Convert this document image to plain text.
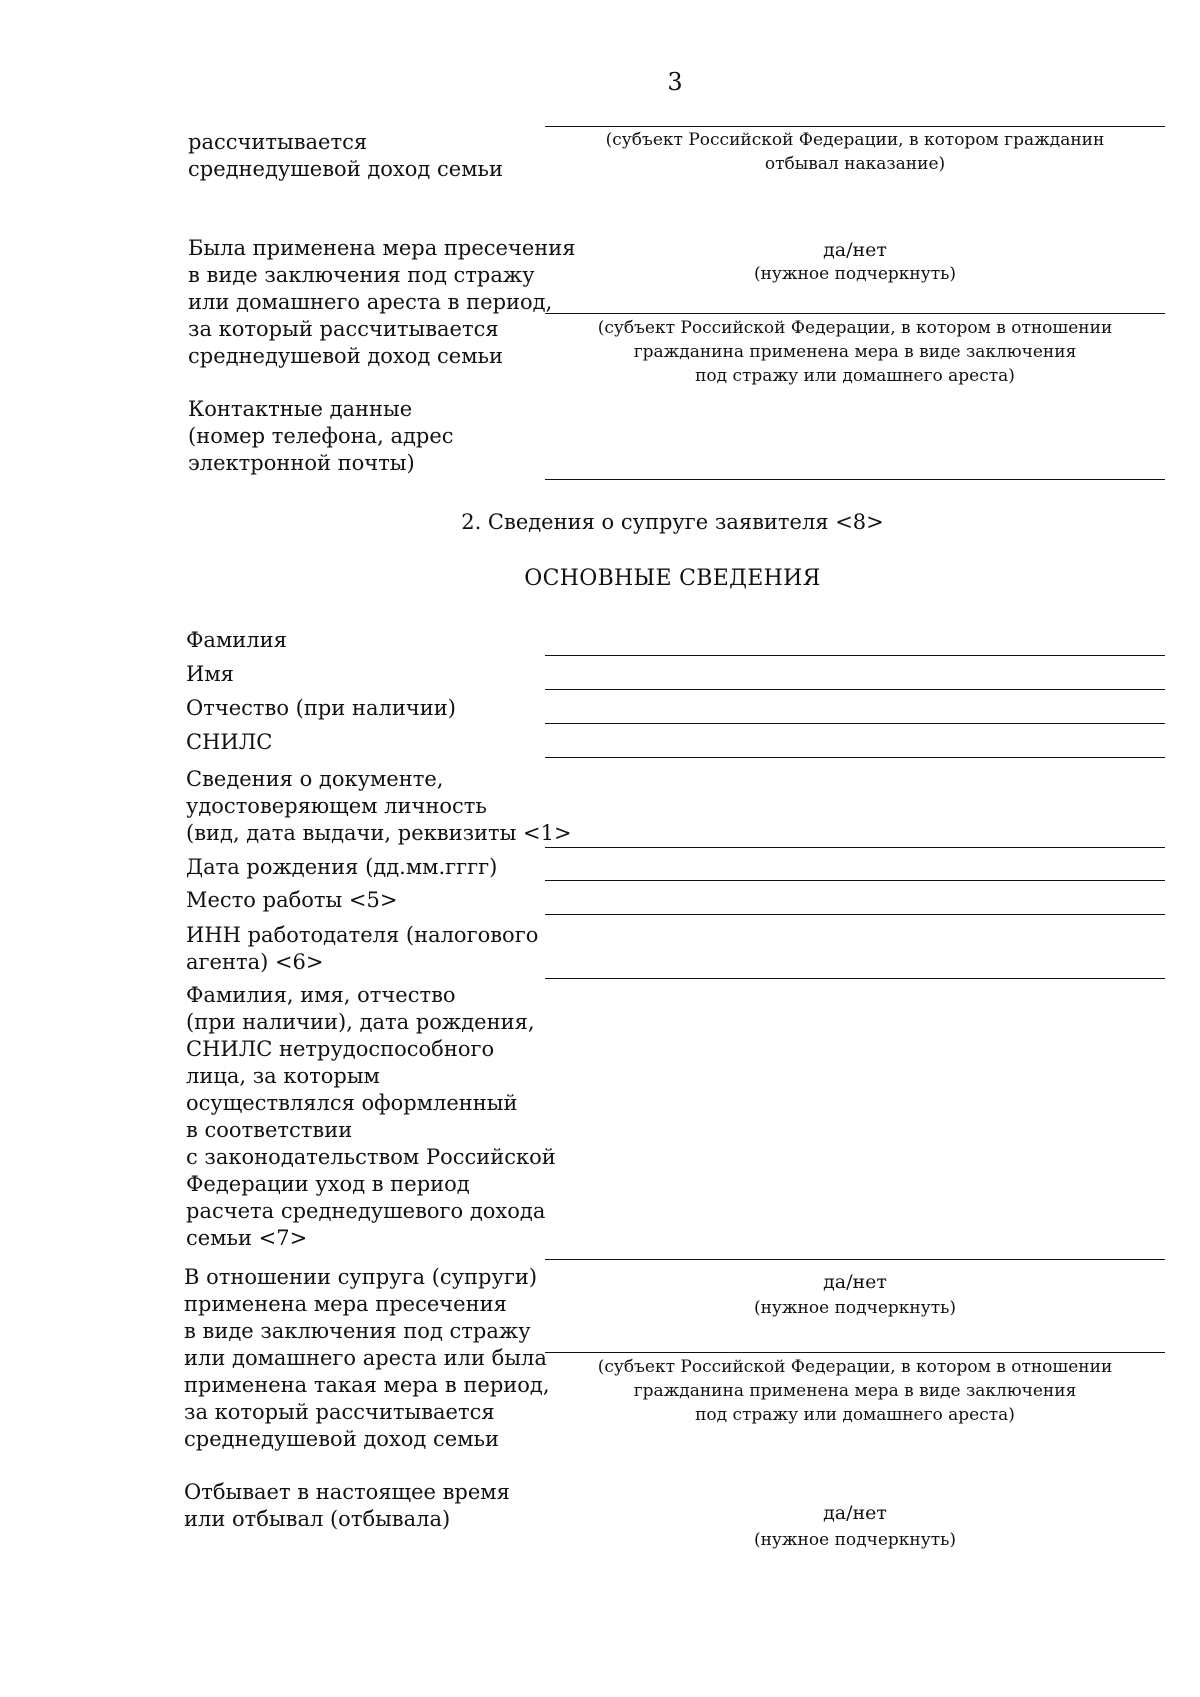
3
рассчитывается
среднедушевой доход семьи
(субъект Российской Федерации, в котором гражданин
отбывал наказание)
Была применена мера пресечения
в виде заключения под стражу
или домашнего ареста в период,
за который рассчитывается
среднедушевой доход семьи
да/нет
(нужное подчеркнуть)
(субъект Российской Федерации, в котором в отношении
гражданина применена мера в виде заключения
под стражу или домашнего ареста)
Контактные данные
(номер телефона, адрес
электронной почты)
2. Сведения о супруге заявителя <8>
ОСНОВНЫЕ СВЕДЕНИЯ
Фамилия
Имя
Отчество (при наличии)
СНИЛС
Сведения о документе,
удостоверяющем личность
(вид, дата выдачи, реквизиты <1>
Дата рождения (дд.мм.гггг)
Место работы <5>
ИНН работодателя (налогового
агента) <6>
Фамилия, имя, отчество
(при наличии), дата рождения,
СНИЛС нетрудоспособного
лица, за которым
осуществлялся оформленный
в соответствии
с законодательством Российской
Федерации уход в период
расчета среднедушевого дохода
семьи <7>
В отношении супруга (супруги)
применена мера пресечения
в виде заключения под стражу
или домашнего ареста или была
применена такая мера в период,
за который рассчитывается
среднедушевой доход семьи
да/нет
(нужное подчеркнуть)
(субъект Российской Федерации, в котором в отношении
гражданина применена мера в виде заключения
под стражу или домашнего ареста)
Отбывает в настоящее время
или отбывал (отбывала)	да/нет
(нужное подчеркнуть)
